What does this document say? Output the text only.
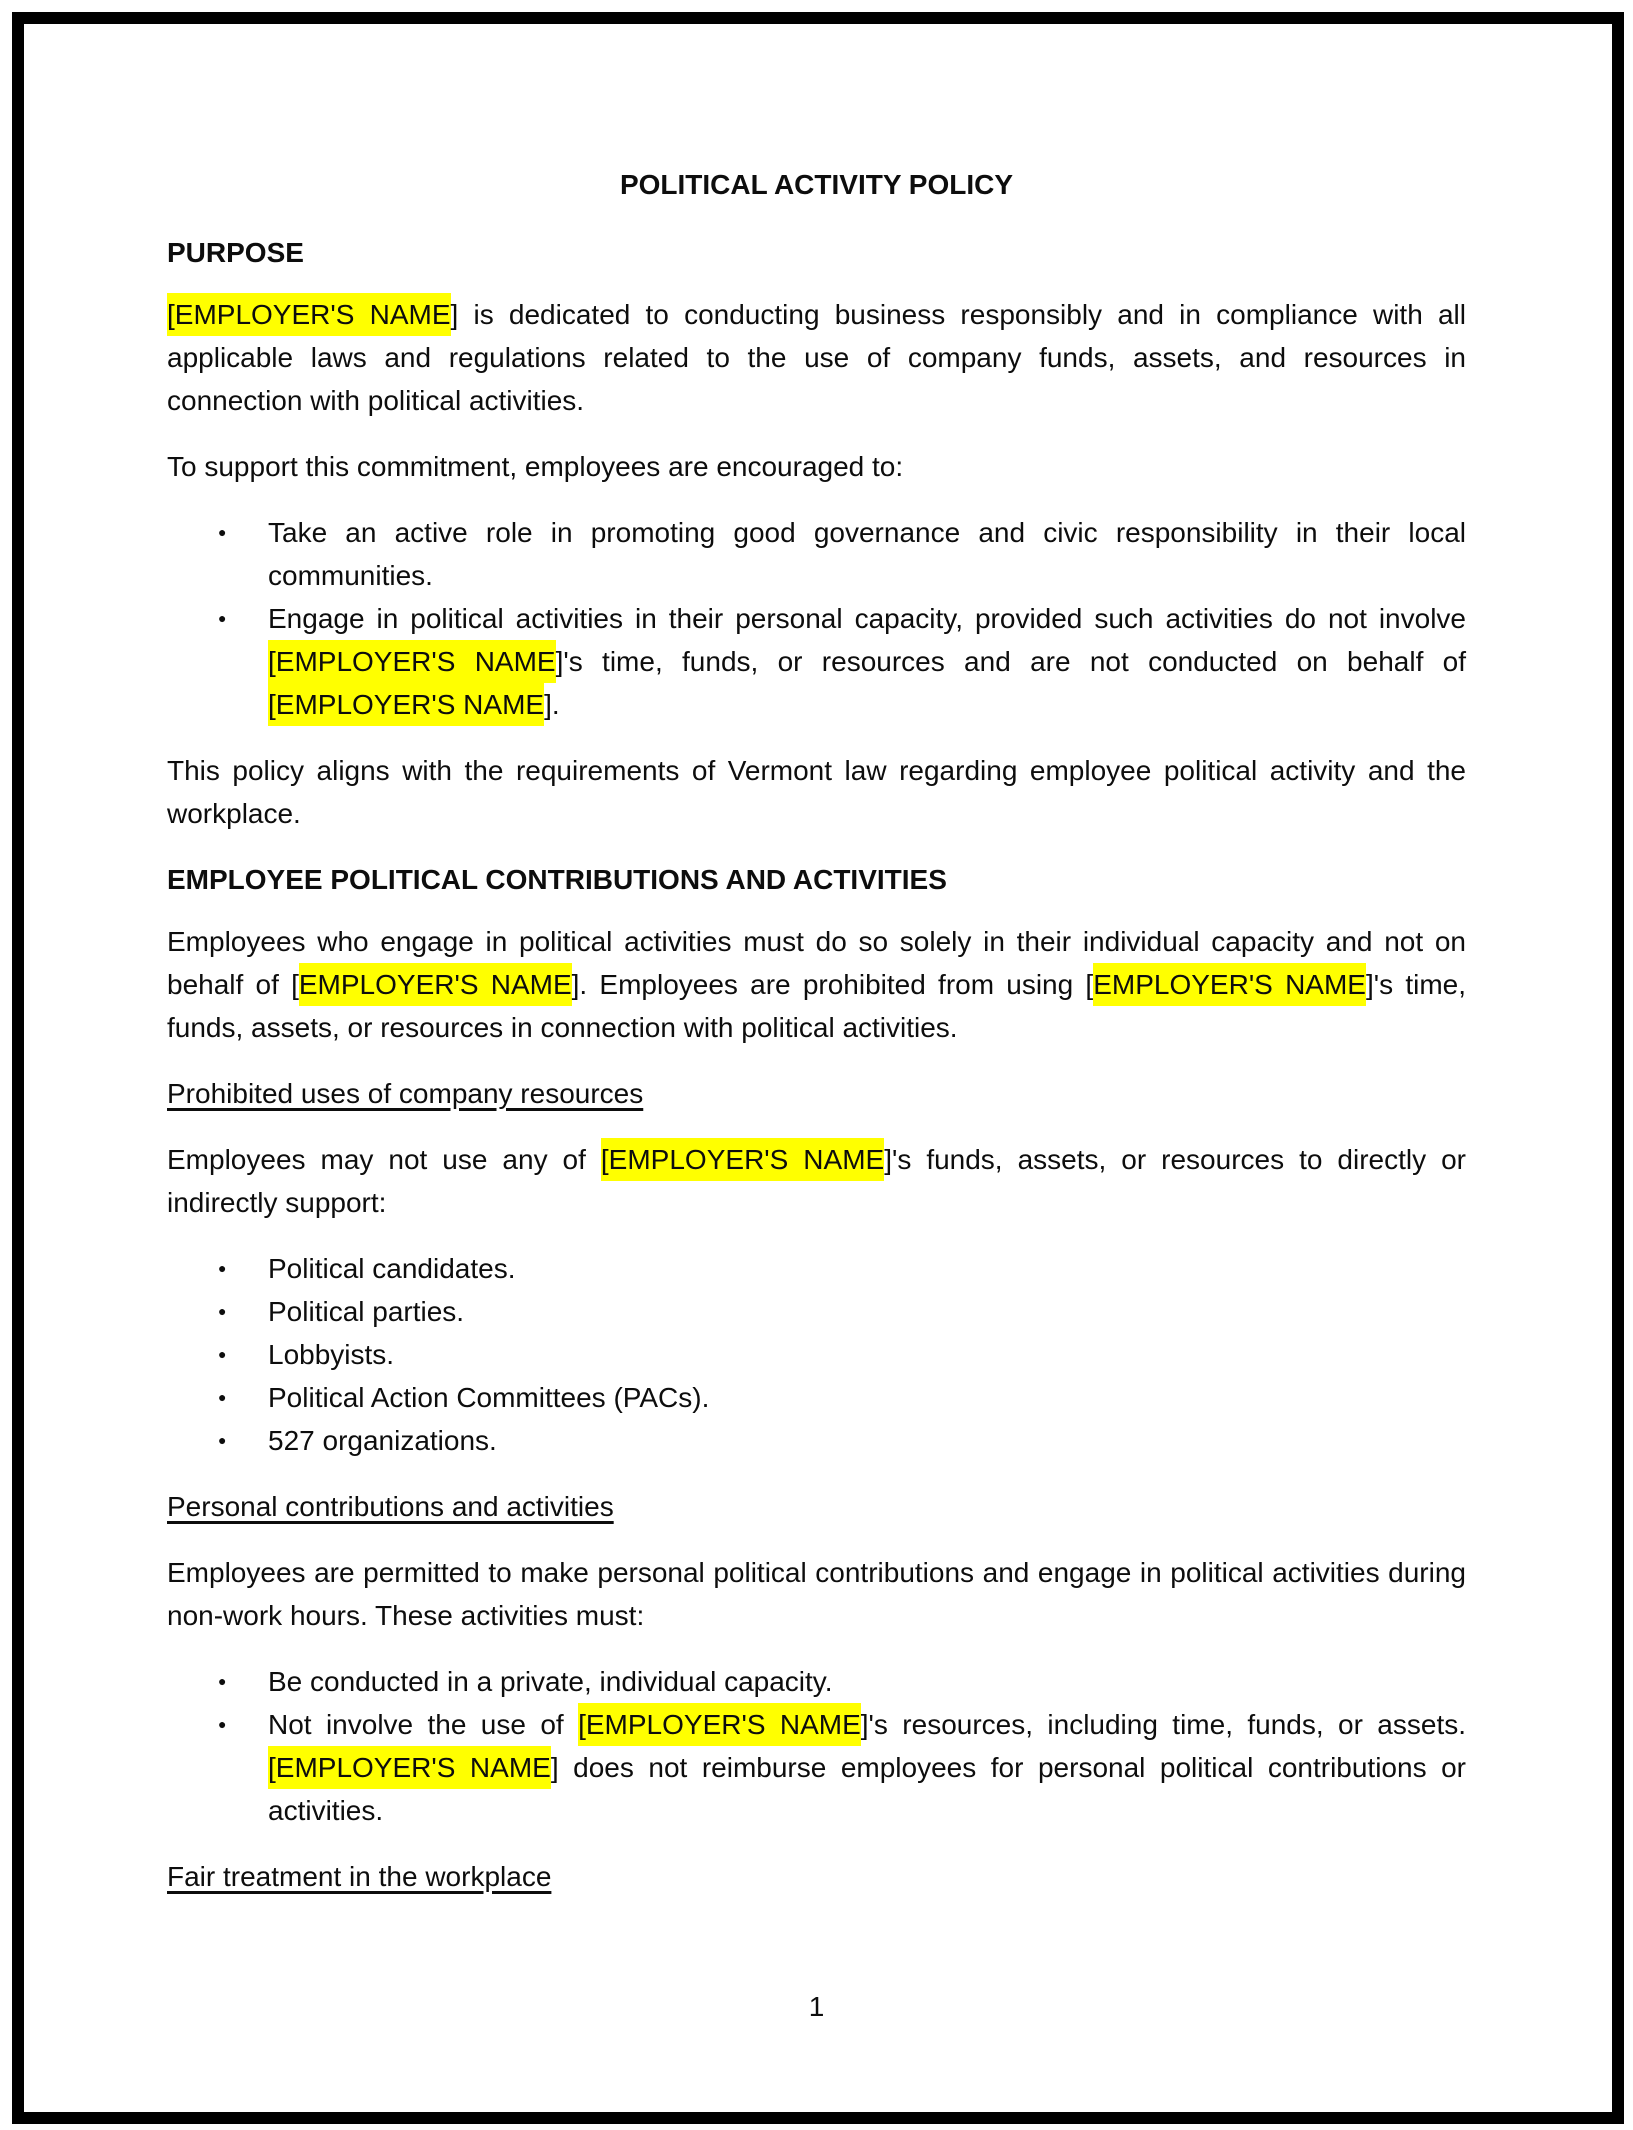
POLITICAL ACTIVITY POLICY

PURPOSE

[EMPLOYER'S NAME] is dedicated to conducting business responsibly and in compliance with all applicable laws and regulations related to the use of company funds, assets, and resources in connection with political activities.

To support this commitment, employees are encouraged to:

● Take an active role in promoting good governance and civic responsibility in their local communities.
● Engage in political activities in their personal capacity, provided such activities do not involve [EMPLOYER'S NAME]'s time, funds, or resources and are not conducted on behalf of [EMPLOYER'S NAME].

This policy aligns with the requirements of Vermont law regarding employee political activity and the workplace.

EMPLOYEE POLITICAL CONTRIBUTIONS AND ACTIVITIES

Employees who engage in political activities must do so solely in their individual capacity and not on behalf of [EMPLOYER'S NAME]. Employees are prohibited from using [EMPLOYER'S NAME]'s time, funds, assets, or resources in connection with political activities.

Prohibited uses of company resources

Employees may not use any of [EMPLOYER'S NAME]'s funds, assets, or resources to directly or indirectly support:

● Political candidates.
● Political parties.
● Lobbyists.
● Political Action Committees (PACs).
● 527 organizations.

Personal contributions and activities

Employees are permitted to make personal political contributions and engage in political activities during non-work hours. These activities must:

● Be conducted in a private, individual capacity.
● Not involve the use of [EMPLOYER'S NAME]'s resources, including time, funds, or assets. [EMPLOYER'S NAME] does not reimburse employees for personal political contributions or activities.

Fair treatment in the workplace

1
